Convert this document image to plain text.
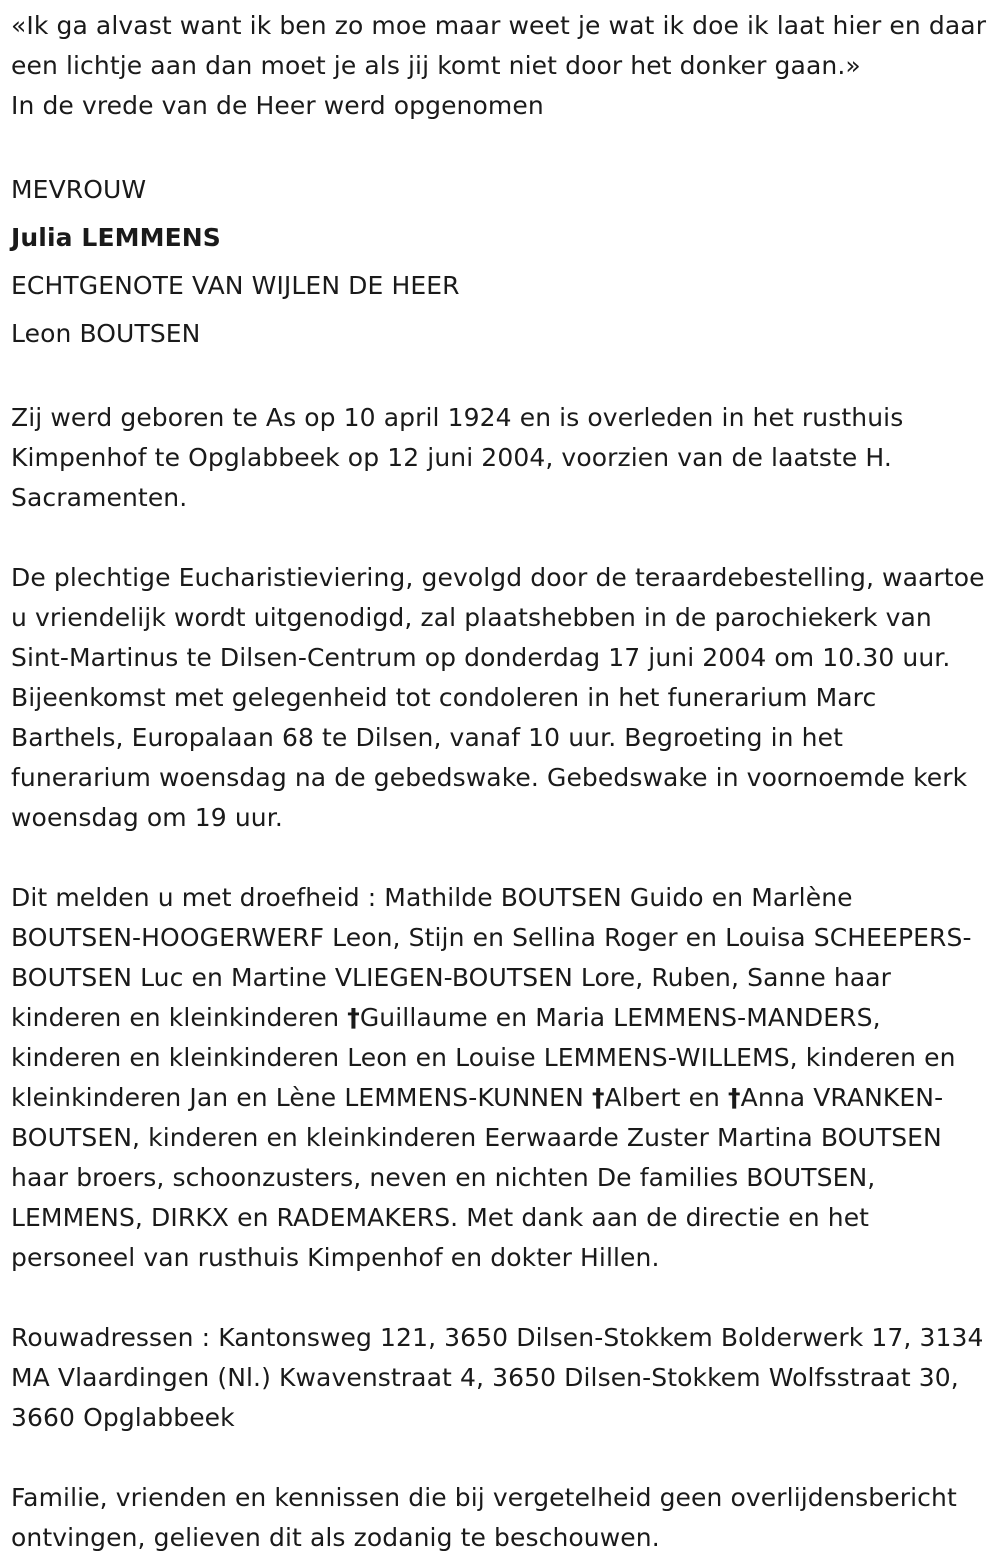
«Ik ga alvast want ik ben zo moe maar weet je wat ik doe ik laat hier en daar een lichtje aan dan moet je als jij komt niet door het donker gaan.»
In de vrede van de Heer werd opgenomen
MEVROUW
Julia LEMMENS
ECHTGENOTE VAN WIJLEN DE HEER
Leon BOUTSEN

Zij werd geboren te As op 10 april 1924 en is overleden in het rusthuis Kimpenhof te Opglabbeek op 12 juni 2004, voorzien van de laatste H. Sacramenten.

De plechtige Eucharistieviering, gevolgd door de teraardebestelling, waartoe u vriendelijk wordt uitgenodigd, zal plaatshebben in de parochiekerk van Sint-Martinus te Dilsen-Centrum op donderdag 17 juni 2004 om 10.30 uur. Bijeenkomst met gelegenheid tot condoleren in het funerarium Marc Barthels, Europalaan 68 te Dilsen, vanaf 10 uur. Begroeting in het funerarium woensdag na de gebedswake. Gebedswake in voornoemde kerk woensdag om 19 uur.

Dit melden u met droefheid : Mathilde BOUTSEN Guido en Marlène BOUTSEN-HOOGERWERF Leon, Stijn en Sellina Roger en Louisa SCHEEPERS-BOUTSEN Luc en Martine VLIEGEN-BOUTSEN Lore, Ruben, Sanne haar kinderen en kleinkinderen †Guillaume en Maria LEMMENS-MANDERS, kinderen en kleinkinderen Leon en Louise LEMMENS-WILLEMS, kinderen en kleinkinderen Jan en Lène LEMMENS-KUNNEN †Albert en †Anna VRANKEN-BOUTSEN, kinderen en kleinkinderen Eerwaarde Zuster Martina BOUTSEN haar broers, schoonzusters, neven en nichten De families BOUTSEN, LEMMENS, DIRKX en RADEMAKERS. Met dank aan de directie en het personeel van rusthuis Kimpenhof en dokter Hillen.

Rouwadressen : Kantonsweg 121, 3650 Dilsen-Stokkem Bolderwerk 17, 3134 MA Vlaardingen (Nl.) Kwavenstraat 4, 3650 Dilsen-Stokkem Wolfsstraat 30, 3660 Opglabbeek

Familie, vrienden en kennissen die bij vergetelheid geen overlijdensbericht ontvingen, gelieven dit als zodanig te beschouwen.
